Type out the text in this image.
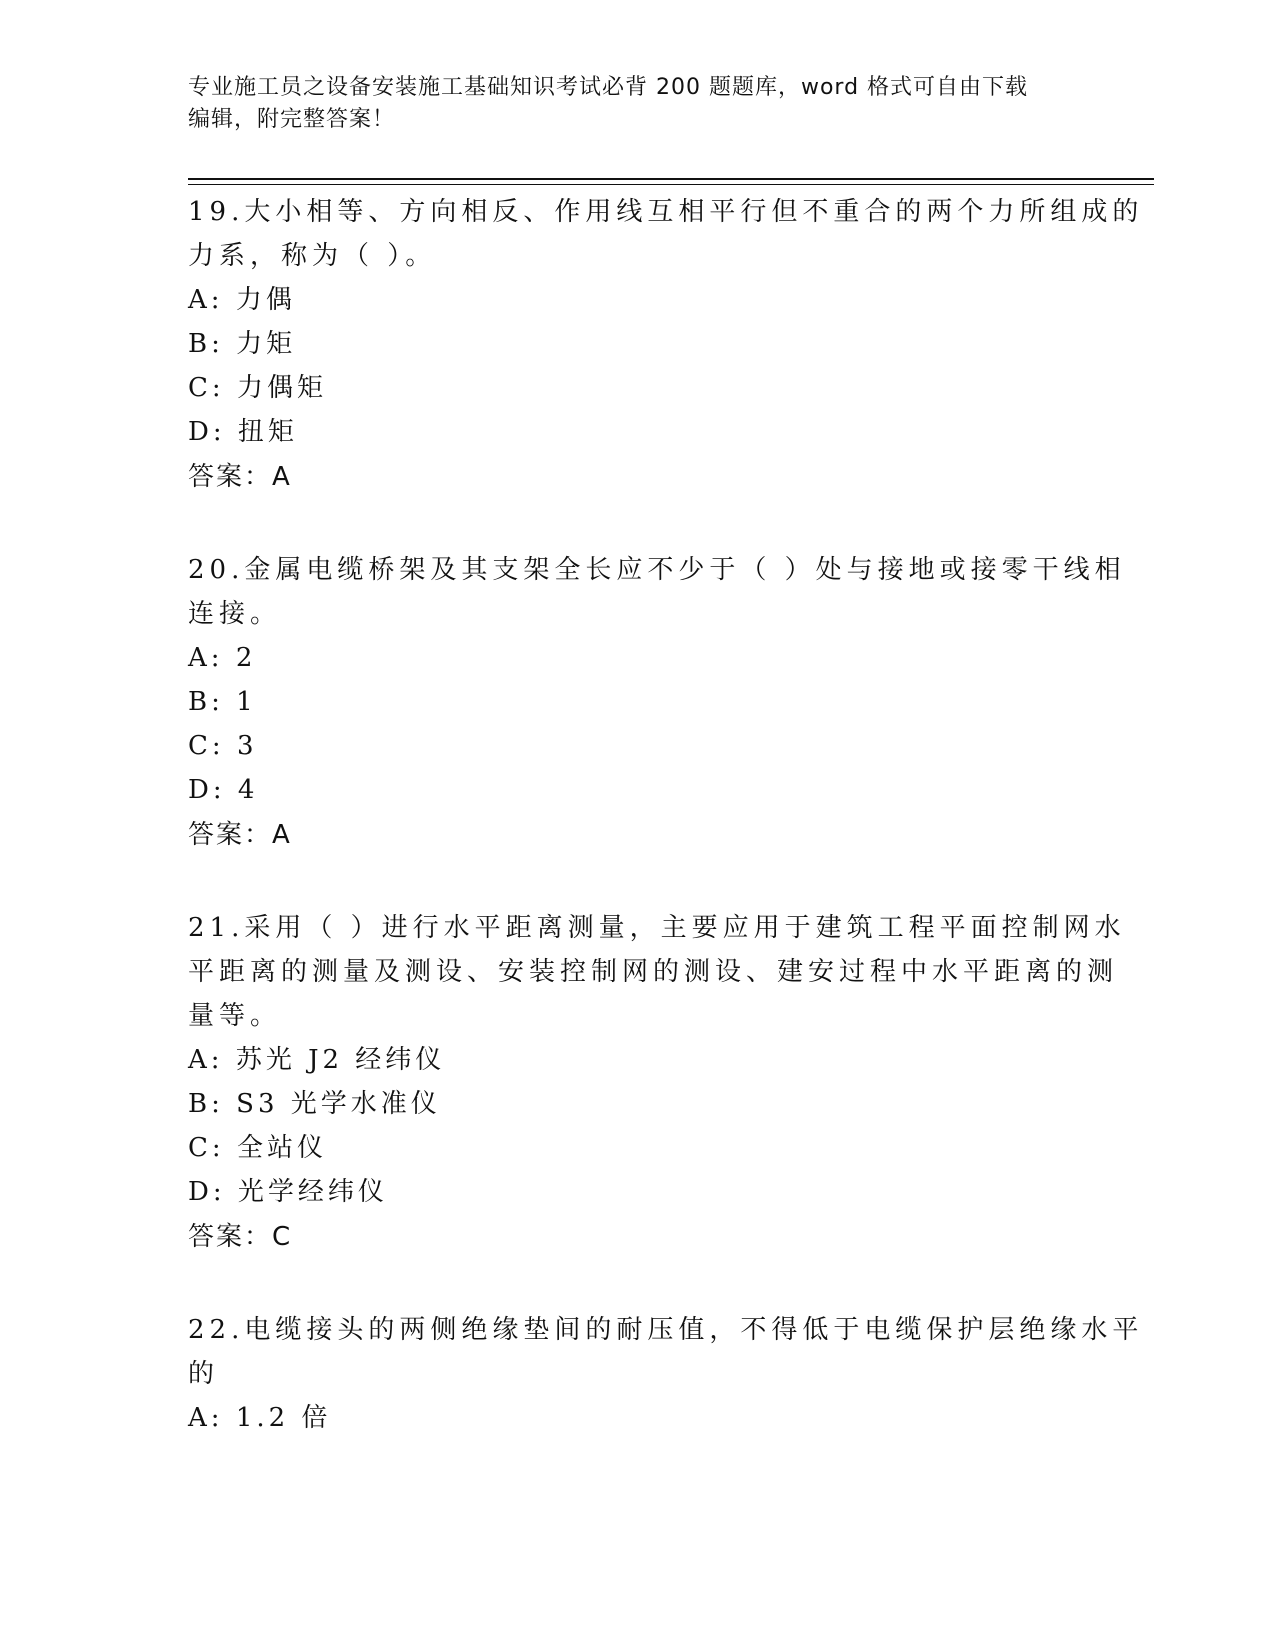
专业施工员之设备安装施工基础知识考试必背 200 题题库，word 格式可自由下载
编辑，附完整答案！
19.大小相等、方向相反、作用线互相平行但不重合的两个力所组成的
力系，称为（ ）。
A: 力偶
B: 力矩
C: 力偶矩
D: 扭矩
答案：A
20.金属电缆桥架及其支架全长应不少于（ ）处与接地或接零干线相
连接。
A: 2
B: 1
C: 3
D: 4
答案：A
21.采用（ ）进行水平距离测量，主要应用于建筑工程平面控制网水
平距离的测量及测设、安装控制网的测设、建安过程中水平距离的测
量等。
A: 苏光 J2 经纬仪
B: S3 光学水准仪
C: 全站仪
D: 光学经纬仪
答案：C
22.电缆接头的两侧绝缘垫间的耐压值，不得低于电缆保护层绝缘水平
的
A: 1.2 倍
